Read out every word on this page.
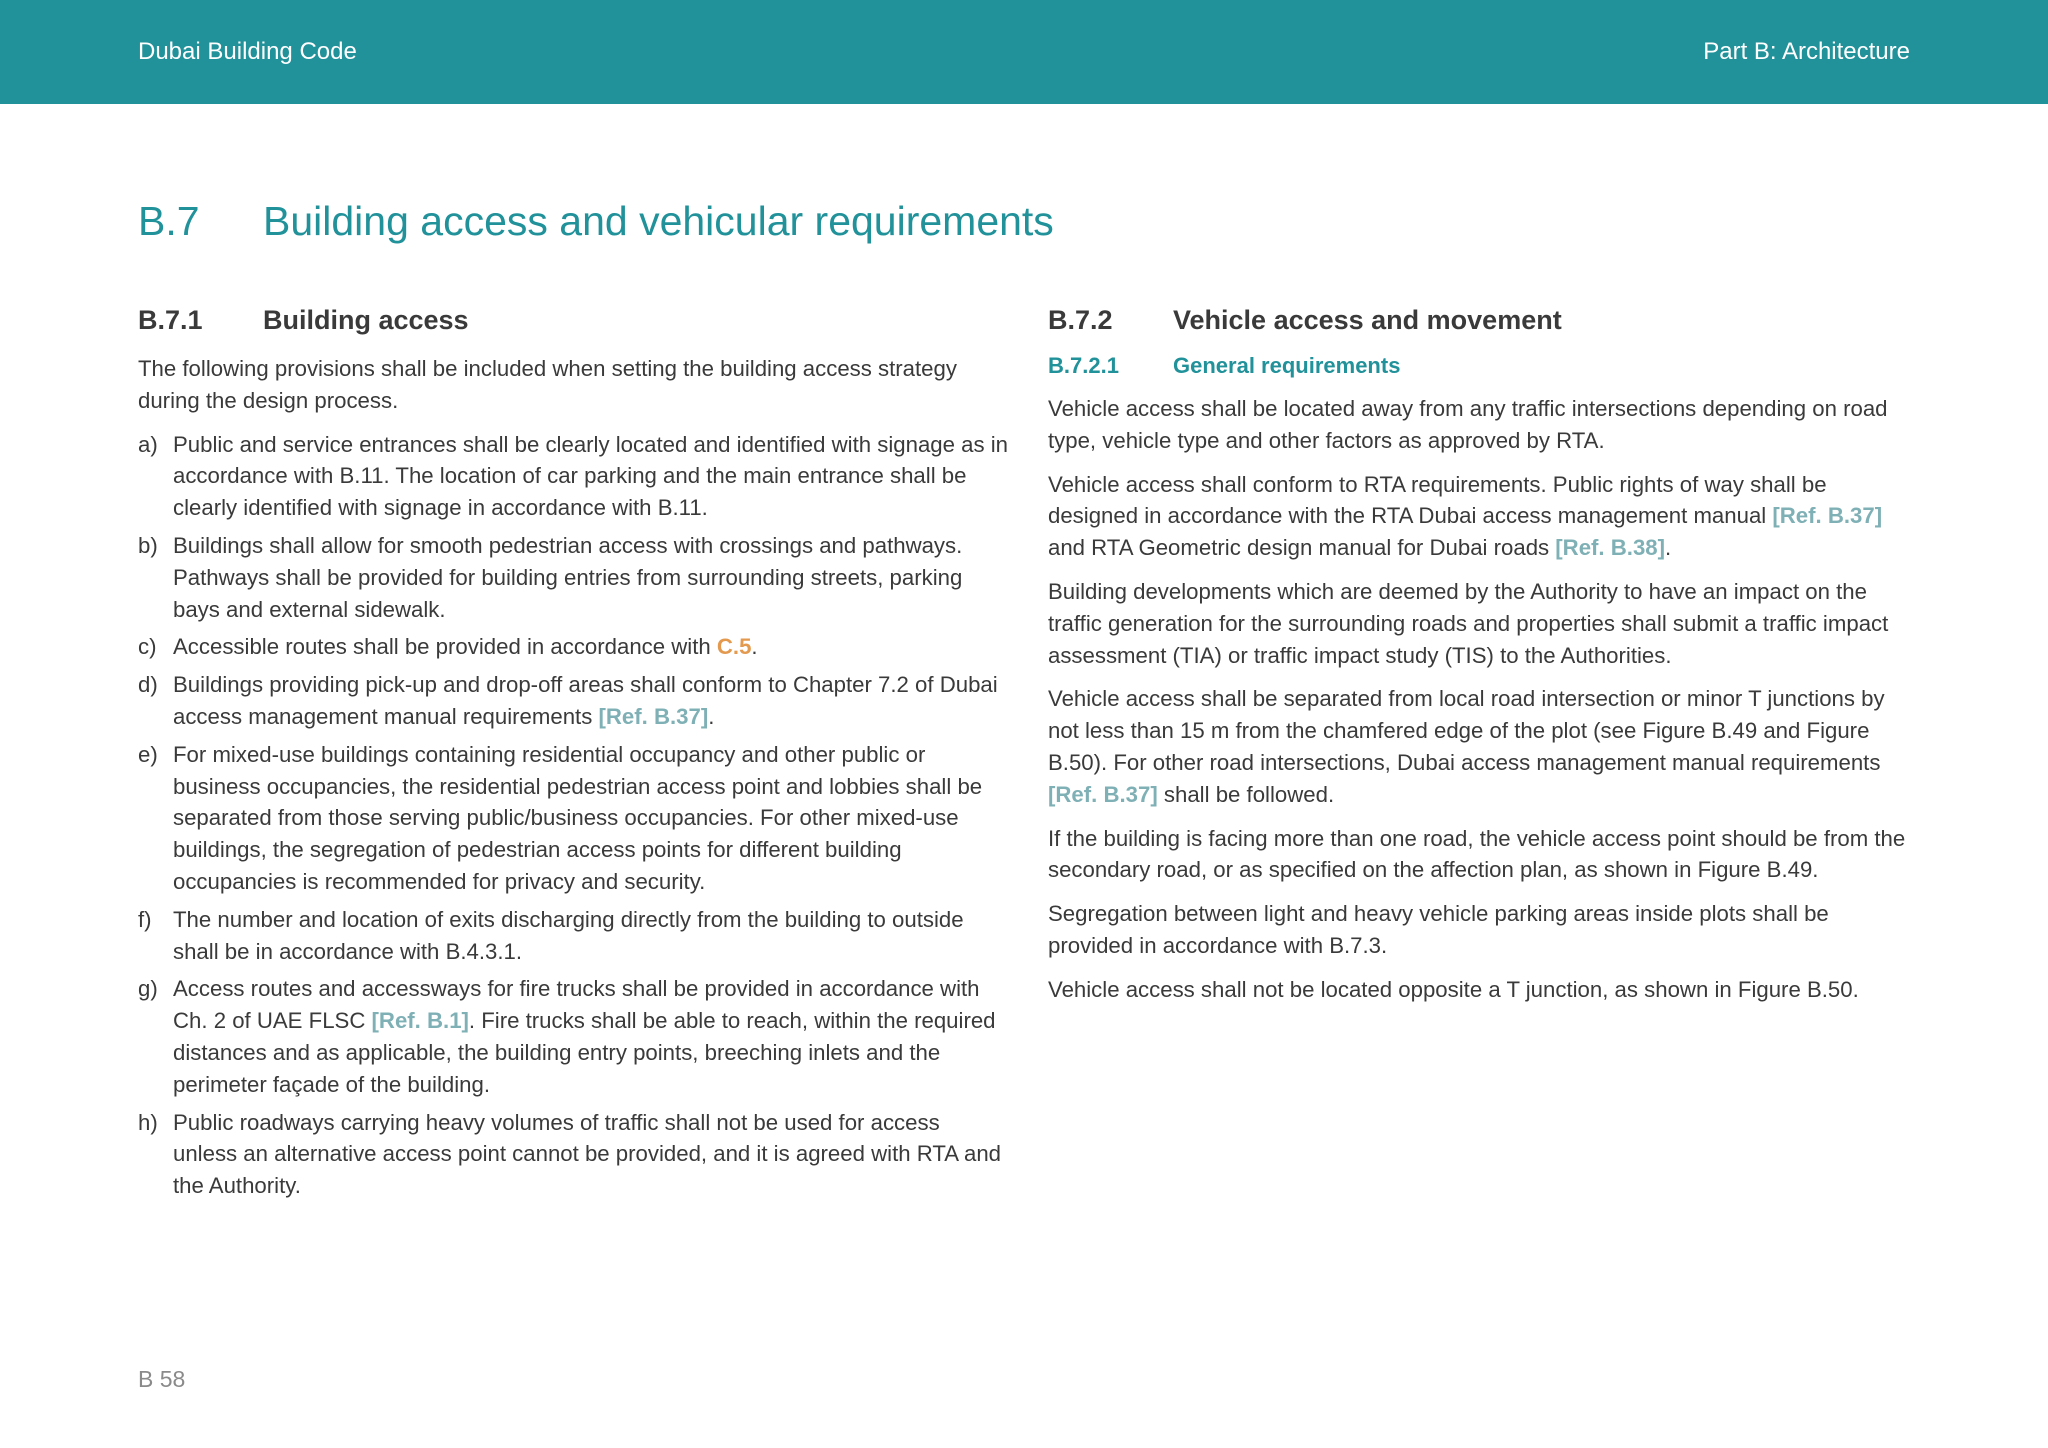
Dubai Building Code	Part B: Architecture
B.7	Building access and vehicular requirements
B.7.1	Building access

The following provisions shall be included when setting the building access strategy during the design process.

a) Public and service entrances shall be clearly located and identified with signage as in accordance with B.11. The location of car parking and the main entrance shall be clearly identified with signage in accordance with B.11.
b) Buildings shall allow for smooth pedestrian access with crossings and pathways. Pathways shall be provided for building entries from surrounding streets, parking bays and external sidewalk.
c) Accessible routes shall be provided in accordance with C.5.
d) Buildings providing pick-up and drop-off areas shall conform to Chapter 7.2 of Dubai access management manual requirements [Ref. B.37].
e) For mixed-use buildings containing residential occupancy and other public or business occupancies, the residential pedestrian access point and lobbies shall be separated from those serving public/business occupancies. For other mixed-use buildings, the segregation of pedestrian access points for different building occupancies is recommended for privacy and security.
f) The number and location of exits discharging directly from the building to outside shall be in accordance with B.4.3.1.
g) Access routes and accessways for fire trucks shall be provided in accordance with Ch. 2 of UAE FLSC [Ref. B.1]. Fire trucks shall be able to reach, within the required distances and as applicable, the building entry points, breeching inlets and the perimeter façade of the building.
h) Public roadways carrying heavy volumes of traffic shall not be used for access unless an alternative access point cannot be provided, and it is agreed with RTA and the Authority.
B.7.2	Vehicle access and movement
B.7.2.1	General requirements

Vehicle access shall be located away from any traffic intersections depending on road type, vehicle type and other factors as approved by RTA.

Vehicle access shall conform to RTA requirements. Public rights of way shall be designed in accordance with the RTA Dubai access management manual [Ref. B.37] and RTA Geometric design manual for Dubai roads [Ref. B.38].

Building developments which are deemed by the Authority to have an impact on the traffic generation for the surrounding roads and properties shall submit a traffic impact assessment (TIA) or traffic impact study (TIS) to the Authorities.

Vehicle access shall be separated from local road intersection or minor T junctions by not less than 15 m from the chamfered edge of the plot (see Figure B.49 and Figure B.50). For other road intersections, Dubai access management manual requirements [Ref. B.37] shall be followed.

If the building is facing more than one road, the vehicle access point should be from the secondary road, or as specified on the affection plan, as shown in Figure B.49.

Segregation between light and heavy vehicle parking areas inside plots shall be provided in accordance with B.7.3.

Vehicle access shall not be located opposite a T junction, as shown in Figure B.50.

B 58
